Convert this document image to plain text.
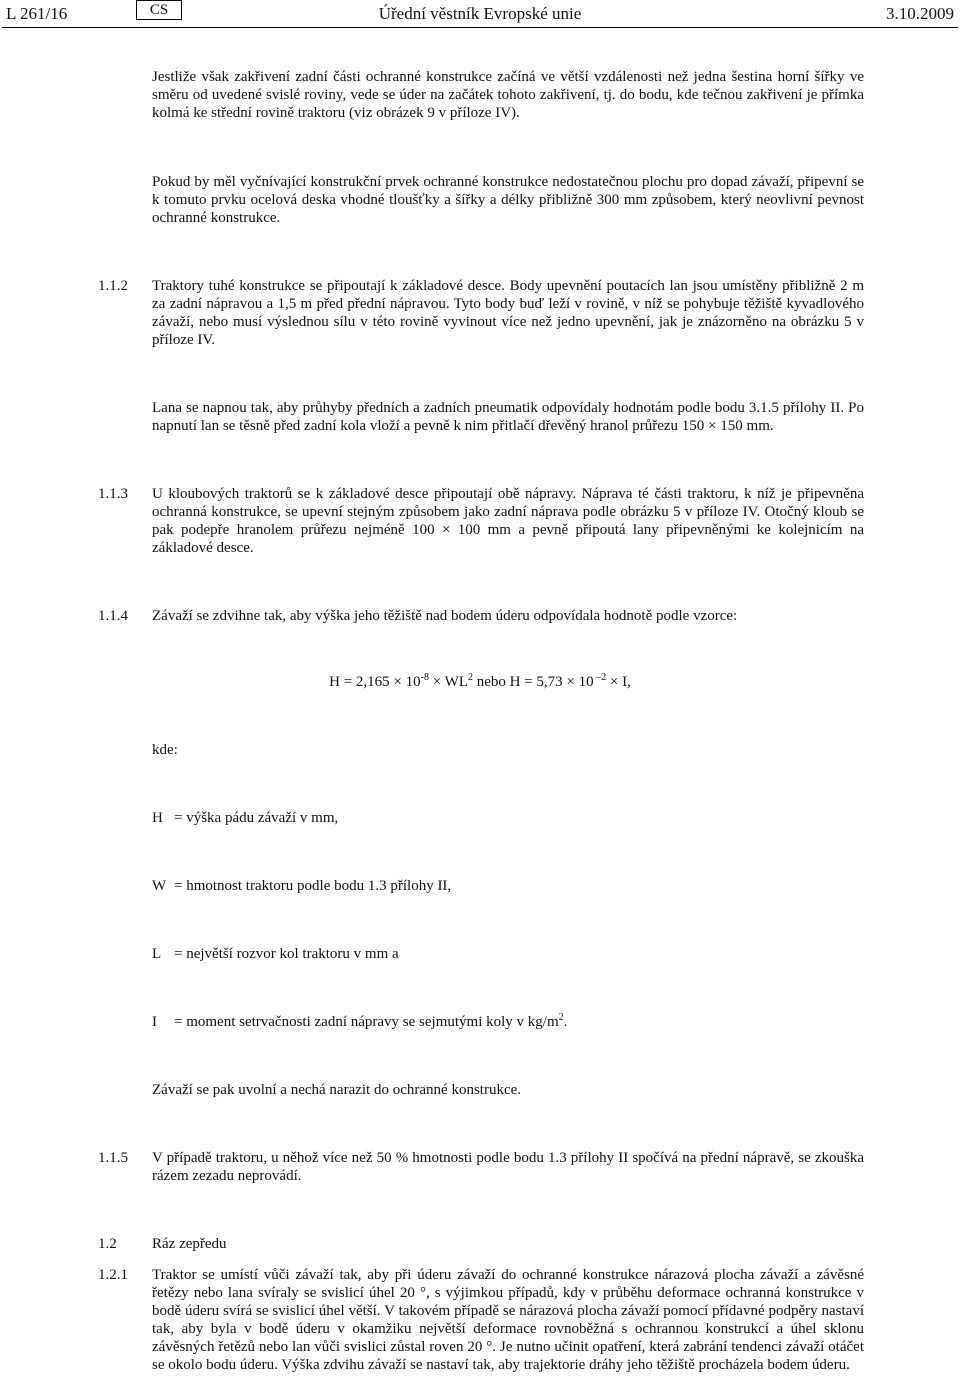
L 261/16	CS	Úřední věstník Evropské unie	3.10.2009
Jestliže však zakřivení zadní části ochranné konstrukce začíná ve větší vzdálenosti než jedna šestina horní šířky ve směru od uvedené svislé roviny, vede se úder na začátek tohoto zakřivení, tj. do bodu, kde tečnou zakřivení je přímka kolmá ke střední rovině traktoru (viz obrázek 9 v příloze IV).
Pokud by měl vyčnívající konstrukční prvek ochranné konstrukce nedostatečnou plochu pro dopad závaží, připevní se k tomuto prvku ocelová deska vhodné tloušťky a šířky a délky přibližně 300 mm způsobem, který neovlivní pevnost ochranné konstrukce.
1.1.2 Traktory tuhé konstrukce se připoutají k základové desce. Body upevnění poutacích lan jsou umístěny přibližně 2 m za zadní nápravou a 1,5 m před přední nápravou. Tyto body buď leží v rovině, v níž se pohybuje těžiště kyvadlového závaží, nebo musí výslednou sílu v této rovině vyvinout více než jedno upevnění, jak je znázorněno na obrázku 5 v příloze IV.
Lana se napnou tak, aby průhyby předních a zadních pneumatik odpovídaly hodnotám podle bodu 3.1.5 přílohy II. Po napnutí lan se těsně před zadní kola vloží a pevně k nim přitlačí dřevěný hranol průřezu 150 × 150 mm.
1.1.3 U kloubových traktorů se k základové desce připoutají obě nápravy. Náprava té části traktoru, k níž je připevněna ochranná konstrukce, se upevní stejným způsobem jako zadní náprava podle obrázku 5 v příloze IV. Otočný kloub se pak podepře hranolem průřezu nejméně 100 × 100 mm a pevně připoutá lany připevněnými ke kolejnicím na základové desce.
1.1.4 Závaží se zdvihne tak, aby výška jeho těžiště nad bodem úderu odpovídala hodnotě podle vzorce:
$H = 2,165 \times 10^{-8} \times WL^2$ nebo H = 5,73 × 10 $^{-2}$ × I,
kde:
H = výška pádu závaží v mm,
W = hmotnost traktoru podle bodu 1.3 přílohy II,
L = největší rozvor kol traktoru v mm a
I = moment setrvačnosti zadní nápravy se sejmutými koly v $kg/m^2$.
Závaží se pak uvolní a nechá narazit do ochranné konstrukce.
1.1.5 V případě traktoru, u něhož více než 50 % hmotnosti podle bodu 1.3 přílohy II spočívá na přední nápravě, se zkouška rázem zezadu neprovádí.
1.2 Ráz zepředu
1.2.1 Traktor se umístí vůči závaží tak, aby při úderu závaží do ochranné konstrukce nárazová plocha závaží a závěsné řetězy nebo lana svíraly se svislicí úhel 20 °, s výjimkou případů, kdy v průběhu deformace ochranná konstrukce v bodě úderu svírá se svislicí úhel větší. V takovém případě se nárazová plocha závaží pomocí přídavné podpěry nastaví tak, aby byla v bodě úderu v okamžiku největší deformace rovnoběžná s ochrannou konstrukcí a úhel sklonu závěsných řetězů nebo lan vůči svislici zůstal roven 20 °. Je nutno učinit opatření, která zabrání tendenci závaží otáčet se okolo bodu úderu. Výška zdvihu závaží se nastaví tak, aby trajektorie dráhy jeho těžiště procházela bodem úderu.
